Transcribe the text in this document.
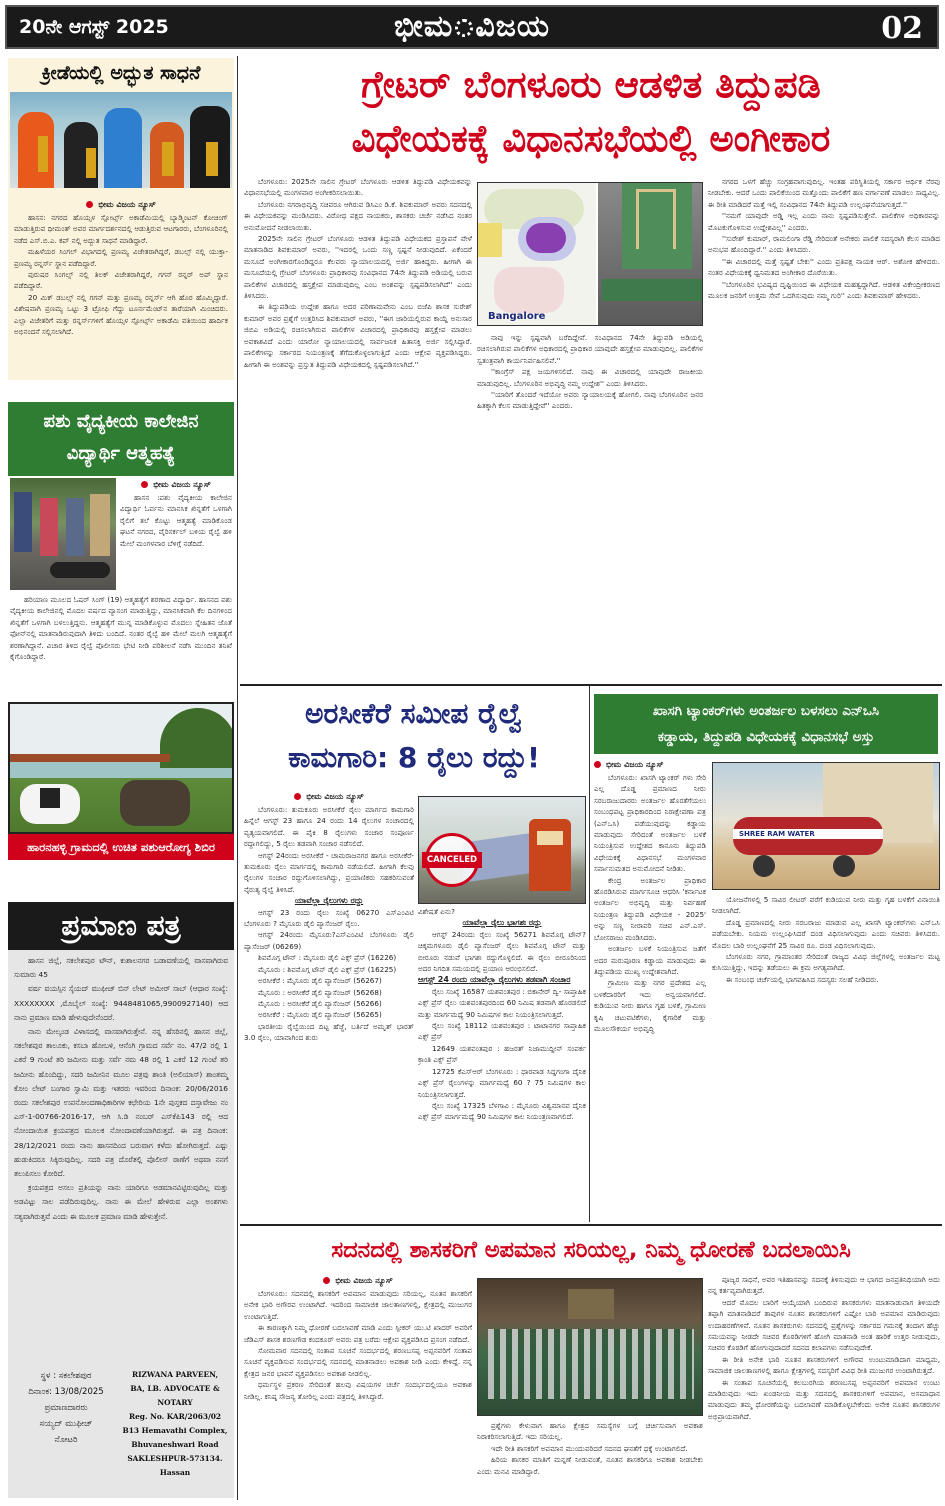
20ನೇ ಆಗಸ್ಟ್ 2025	ಭೀಮ ವಿಜಯ	02
ಕ್ರೀಡೆಯಲ್ಲಿ ಅದ್ಭುತ ಸಾಧನೆ
ಭೀಮ ವಿಜಯ ನ್ಯೂಸ್

ಹಾಸನ: ನಗರದ ಹೊಯ್ಸಳ ಸ್ಪೋರ್ಟ್ಸ್ ಅಕಾಡೆಮಿಯಲ್ಲಿ ಬ್ಯಾಡ್ಮಿಂಟನ್ ಕೋಚಿಂಗ್ ಮಾಡುತ್ತಿರುವ ಧೀಮಂತ್ ಅವರ ಮಾರ್ಗದರ್ಶನದಲ್ಲಿ ಆಡುತ್ತಿರುವ ಆಟಗಾರರು, ಬೆಂಗಳೂರಿನಲ್ಲಿ ನಡೆದ ಎಸ್.ಬಿ.ಎ. ಕಪ್ ನಲ್ಲಿ ಅದ್ಭುತ ಸಾಧನೆ ಮಾಡಿದ್ದಾರೆ.

ಮಹಿಳೆಯರ ಸಿಂಗಲ್ ವಿಭಾಗದಲ್ಲಿ ಪ್ರಣಮ್ಯ ವಿಜೇತರಾಗಿದ್ದರೆ, ಡಬಲ್ಸ್ ನಲ್ಲಿ ಯುಕ್ತಾ-ಪ್ರಣಮ್ಯ ರನ್ನರ್ಸ್ ಸ್ಥಾನ ಪಡೆದಿದ್ದಾರೆ.

ಪುರುಷರ ಸಿಂಗಲ್ಸ್ ನಲ್ಲಿ ತಿಲಕ್ ವಿಜೇತರಾಗಿದ್ದರೆ, ಗಗನ್ ರನ್ನರ್ ಅಪ್ ಸ್ಥಾನ ಪಡೆದಿದ್ದಾರೆ.

20 ಮಿಕ್ ಡಬಲ್ಸ್ ನಲ್ಲಿ ಗಗನ್ ಮತ್ತು ಪ್ರಣಮ್ಯ ರನ್ನರ್ಸ್ ಆಗಿ ಹೊರ ಹೊಮ್ಮಿದ್ದಾರೆ. ವಿಶೇಷವಾಗಿ ಪ್ರಣಮ್ಯ ಒಟ್ಟು 3 ಟ್ರೋಫಿ ಗೆದ್ದು ಟೂರ್ನಮೆಂಟ್‌ನ ತಾರೆಯಾಗಿ ಮಿಂಚಿದರು. ಎಲ್ಲಾ ವಿಜೇತರಿಗೆ ಮತ್ತು ರನ್ನರ್ಸ್‌ಗಳಿಗೆ ಹೊಯ್ಸಳ ಸ್ಪೋರ್ಟ್ಸ್ ಅಕಾಡೆಮಿ ವತಿಯಿಂದ ಹಾರ್ದಿಕ ಅಭಿನಂದನೆ ಸಲ್ಲಿಸಲಾಗಿದೆ.

ಪಶು ವೈದ್ಯಕೀಯ ಕಾಲೇಜಿನ
ವಿದ್ಯಾರ್ಥಿ ಆತ್ಮಹತ್ಯೆ
ಭೀಮ ವಿಜಯ ನ್ಯೂಸ್

ಹಾಸನ :ಪಶು ವೈದ್ಯಕೀಯ ಕಾಲೇಜಿನ ವಿದ್ಯಾರ್ಥಿ ಓರ್ವನು ಮಾನಸಿಕ ಖಿನ್ನತೆಗೆ ಒಳಗಾಗಿ ರೈಲಿಗೆ ತಲೆ ಕೊಟ್ಟು ಆತ್ಮಹತ್ಯೆ ಮಾಡಿಕೊಂಡ ಘಟನೆ ನಗರದ, ವೈರಿಸರ್ಕಲ್ ಬಳಿಯ ರೈಲ್ವೆ ಹಳಿ ಮೇಲೆ ಮಂಗಳವಾರ ಬೆಳಿಗ್ಗೆ ನಡೆದಿದೆ.

ಹರಿಯಾಣ ಮೂಲದ ಓಷರ್ ಸಿಂಗ್ (19) ಆತ್ಮಹತ್ಯೆಗೆ ಶರಣಾದ ವಿದ್ಯಾರ್ಥಿ. ಹಾಸನದ ಪಶು ವೈದ್ಯಕೀಯ ಕಾಲೇಜಿನಲ್ಲಿ ಮೊದಲ ವರ್ಷದ ವ್ಯಾಸಂಗ ಮಾಡುತ್ತಿದ್ದು, ಮಾನಸಿಕವಾಗಿ ಕೆಲ ದಿನಗಳಿಂದ ಖಿನ್ನತೆಗೆ ಒಳಗಾಗಿ ಬಳಲುತ್ತಿದ್ದನು. ಆತ್ಮಹತ್ಯೆಗೆ ಮುನ್ನ ಮಾಡಿಕೊಳ್ಳುವ ಮೊದಲು ಸ್ನೇಹಿತನ ಜೊತೆ ಫೋನ್‌ನಲ್ಲಿ ಮಾತನಾಡಿರುವುದಾಗಿ ತಿಳಿದು ಬಂದಿದೆ. ನಂತರ ರೈಲ್ವೆ ಹಳಿ ಮೇಲೆ ಮಲಗಿ ಆತ್ಮಹತ್ಯೆಗೆ ಶರಣಾಗಿದ್ದಾನೆ. ವಿಚಾರ ತಿಳಿದ ರೈಲ್ವೆ ಪೊಲೀಸರು ಭೇಟಿ ನೀಡಿ ಪರಿಶೀಲನೆ ನಡೆಸಿ ಮುಂದಿನ ತನಿಖೆ ಕೈಗೊಂಡಿದ್ದಾರೆ.

ಹಾರನಹಳ್ಳಿ ಗ್ರಾಮದಲ್ಲಿ ಉಚಿತ ಪಶುಆರೋಗ್ಯ ಶಿಬಿರ
ಪ್ರಮಾಣ ಪತ್ರ

ಹಾಸನ ಜಿಲ್ಲೆ, ಸಕಲೇಶಪುರ ಟೌನ್, ಕುಶಾಲನಗರ ಬಡಾವಣೆಯಲ್ಲಿ ವಾಸವಾಗಿರುವ ಸುಮಾರು 45

ವರ್ಷ ವಯಸ್ಸಿನ ಸೈಯದ್ ಮುಫೀಜ್ ಬಿನ್ ಲೇಟ್ ಅಮೀರ್ ಸಾಬ್ (ಆಧಾರ ಸಂಖ್ಯೆ: XXXXXXXX ,ಮೊಬೈಲ್ ಸಂಖ್ಯೆ: 9448481065,9900927140) ಆದ ನಾನು ಪ್ರಮಾಣ ಮಾಡಿ ಹೇಳುವುದೇನೆಂದರೆ.

ನಾನು ಮೇಲ್ಕಂಡ ವಿಳಾಸದಲ್ಲಿ ವಾಸವಾಗಿರುತ್ತೇನೆ. ನನ್ನ ಹೆಸರಿನಲ್ಲಿ ಹಾಸನ ಜಿಲ್ಲೆ, ಸಕಲೇಶಪುರ ತಾಲೂಕು, ಕಸಬಾ ಹೋಬಳಿ, ಆನೆಂಗಿ ಗ್ರಾಮದ ಸರ್ವೆ ನಂ. 47/2 ರಲ್ಲಿ 1 ಎಕರೆ 9 ಗುಂಟೆ ತರಿ ಜಮೀನು ಮತ್ತು ಸರ್ವೆ ನಮ 48 ರಲ್ಲಿ 1 ಎಕರೆ 12 ಗುಂಟೆ ತರಿ ಜಮೀನು ಹೊಂದಿದ್ದು, ಸದರಿ ಜಮೀನಿನ ಮೂಲ ಪತ್ರವು ಶಾಂತಿ (ಅಲಿಯಾಸ್) ಶಾಂತಮ್ಮ ಕೋಂ ಲೇಟ್ ಬಂಗಾರ ಸ್ವಾಮಿ ಮತ್ತು ಇತರರು ಇವರಿಂದ ದಿನಾಂಕ: 20/06/2016 ರಂದು ಸಕಲೇಶಪುರ ಉಪನೋಂದಣಾಧಿಕಾರಿಗಳ ಕಛೇರಿಯ 1ನೇ ಪುಸ್ತಕದ ದಸ್ತಾವೇಜು ನಂ ಎಸ್-1-00766-2016-17, ಆಗಿ ಸಿ.ಡಿ ನಂಬರ್ ಎಸ್‌ಕೆಪಿ143 ರಲ್ಲಿ ಆದ ನೋಂದಾಯಿತ ಕ್ರಯಪತ್ರದ ಮೂಲಕ ನೋಂದಾವಣೆಯಾಗಿರುತ್ತದೆ. ಈ ಪತ್ರ ದಿನಾಂಕ: 28/12/2021 ರಂದು ನಾನು ಹಾಸನದಿಂದ ಬರುವಾಗ ಕಳೆದು ಹೋಗಿರುತ್ತದೆ. ಎಷ್ಟು ಹುಡುಕಿದರೂ ಸಿಕ್ಕಿರುವುದಿಲ್ಲ. ಸದರಿ ಪತ್ರ ದೊರೆತಲ್ಲಿ ಪೊಲೀಸ್ ಠಾಣೆಗೆ ಅಥವಾ ನನಗೆ ತಲುಪಿಸಲು ಕೋರಿದೆ.

ಕ್ರಯಪತ್ರದ ಅಸಲು ಪ್ರತಿಯನ್ನು ನಾನು ಯಾರಿಗೂ ಅಡಮಾನವಿಟ್ಟಿರುವುದಿಲ್ಲ ಮತ್ತು ಅಡವಿಟ್ಟು ಸಾಲ ಪಡೆದಿರುವುದಿಲ್ಲ. ನಾನು ಈ ಮೇಲೆ ಹೇಳಿರುವ ಎಲ್ಲಾ ಅಂಶಗಳು ಸತ್ಯವಾಗಿರುತ್ತವೆ ಎಂದು ಈ ಮೂಲಕ ಪ್ರಮಾಣ ಮಾಡಿ ಹೇಳುತ್ತೇನೆ.

ಸ್ಥಳ : ಸಕಲೇಶಪುರ
ದಿನಾಂಕ: 13/08/2025
ಪ್ರಮಾಣದಾರರು
ಸಯ್ಯದ್ ಮುಫೀಜ್
ನೋಟರಿ
RIZWANA PARVEEN,
BA, LB. ADVOCATE &
NOTARY
Reg. No. KAR/2063/02
B13 Hemavathi Complex,
Bhuvaneshwari Road
SAKLESHPUR-573134.
Hassan
ಗ್ರೇಟರ್ ಬೆಂಗಳೂರು ಆಡಳಿತ ತಿದ್ದುಪಡಿ
ವಿಧೇಯಕಕ್ಕೆ ವಿಧಾನಸಭೆಯಲ್ಲಿ ಅಂಗೀಕಾರ

ಬೆಂಗಳೂರು: 2025ನೇ ಸಾಲಿನ ಗ್ರೇಟರ್ ಬೆಂಗಳೂರು ಆಡಳಿತ ತಿದ್ದುಪಡಿ ವಿಧೇಯಕವನ್ನು ವಿಧಾನಸಭೆಯಲ್ಲಿ ಮಂಗಳವಾರ ಅಂಗೀಕರಿಸಲಾಯಿತು.

ಬೆಂಗಳೂರು ನಗರಾಭಿವೃದ್ಧಿ ಸಚಿವರೂ ಆಗಿರುವ ಡಿಸಿಎಂ ಡಿ.ಕೆ. ಶಿವಕುಮಾರ್ ಅವರು ಸದನದಲ್ಲಿ ಈ ವಿಧೇಯಕವನ್ನು ಮಂಡಿಸಿದರು. ವಿರೋಧ ಪಕ್ಷದ ನಾಯಕರು, ಶಾಸಕರು ಚರ್ಚೆ ನಡೆಸಿದ ನಂತರ ಅನುಮೋದನೆ ನೀಡಲಾಯಿತು.

2025ನೇ ಸಾಲಿನ ಗ್ರೇಟರ್ ಬೆಂಗಳೂರು ಆಡಳಿತ ತಿದ್ದುಪಡಿ ವಿಧೇಯಕದ ಪ್ರಸ್ತಾಪನೆ ವೇಳೆ ಮಾತನಾಡಿದ ಶಿವಕುಮಾರ್ ಅವರು, ''ಇದರಲ್ಲಿ ಒಂದು ಸಣ್ಣ ಸ್ಪಷ್ಟನೆ ನೀಡುವುದಿದೆ. ಏಕೆಂದರೆ ಮಸೂದೆ ಅಂಗೀಕಾರಗೊಂಡಿದ್ದರೂ ಕೆಲವರು ನ್ಯಾಯಾಲಯದಲ್ಲಿ ಅರ್ಜಿ ಹಾಕಿದ್ದರು. ಹೀಗಾಗಿ ಈ ಮಸೂದೆಯಲ್ಲಿ ಗ್ರೇಟರ್ ಬೆಂಗಳೂರು ಪ್ರಾಧಿಕಾರವು ಸಂವಿಧಾನದ 74ನೇ ತಿದ್ದುಪಡಿ ಅಡಿಯಲ್ಲಿ ಬರುವ ಪಾಲಿಕೆಗಳ ವಿಚಾರದಲ್ಲಿ ಹಸ್ತಕ್ಷೇಪ ಮಾಡುವುದಿಲ್ಲ ಎಂಬ ಅಂಶವನ್ನು ಸ್ಪಷ್ಟಪಡಿಸಲಾಗಿದೆ'' ಎಂದು ತಿಳಿಸಿದರು.

ಈ ತಿದ್ದುಪಡಿಯ ಉದ್ದೇಶ ಹಾಗೂ ಅದರ ಪರಿಣಾಮವೇನು ಎಂಬ ಬಿಜೆಪಿ ಶಾಸಕ ಸುರೇಶ್ ಕುಮಾರ್ ಅವರ ಪ್ರಶ್ನೆಗೆ ಉತ್ತರಿಸಿದ ಶಿವಕುಮಾರ್ ಅವರು, ''ಈಗ ಜಾರಿಯಲ್ಲಿರುವ ಕಾಯ್ದೆ ಅನುಸಾರ ಜಿಬಿಎ ಅಡಿಯಲ್ಲಿ ರಚಿಸಲಾಗಿರುವ ಪಾಲಿಕೆಗಳ ವಿಚಾರದಲ್ಲಿ ಪ್ರಾಧಿಕಾರವು ಹಸ್ತಕ್ಷೇಪ ಮಾಡಲು ಅವಕಾಶವಿದೆ ಎಂದು ಯಾರೋ ನ್ಯಾಯಾಲಯದಲ್ಲಿ ಸಾರ್ವಜನಿಕ ಹಿತಾಸಕ್ತಿ ಅರ್ಜಿ ಸಲ್ಲಿಸಿದ್ದಾರೆ. ಪಾಲಿಕೆಗಳನ್ನು ಸರ್ಕಾರದ ನಿಯಂತ್ರಣಕ್ಕೆ ತೆಗೆದುಕೊಳ್ಳಲಾಗುತ್ತಿದೆ ಎಂದು ಆಕ್ಷೇಪ ವ್ಯಕ್ತಪಡಿಸಿದ್ದರು. ಹೀಗಾಗಿ ಈ ಅಂಶವನ್ನು ಪ್ರಸ್ತುತ ತಿದ್ದುಪಡಿ ವಿಧೇಯಕದಲ್ಲಿ ಸ್ಪಷ್ಟಪಡಿಸಲಾಗಿದೆ.''

Bangalore

ನಾವು ಇನ್ನು ಸ್ಪಷ್ಟವಾಗಿ ಬರೆದಿದ್ದೇವೆ. ಸಂವಿಧಾನದ 74ನೇ ತಿದ್ದುಪಡಿ ಅಡಿಯಲ್ಲಿ ರಚಿಸಲಾಗಿರುವ ಪಾಲಿಕೆಗಳ ಅಧಿಕಾರದಲ್ಲಿ ಪ್ರಾಧಿಕಾರ ಯಾವುದೇ ಹಸ್ತಕ್ಷೇಪ ಮಾಡುವುದಿಲ್ಲ. ಪಾಲಿಕೆಗಳ ಸ್ವತಂತ್ರವಾಗಿ ಕಾರ್ಯನಿರ್ವಹಿಸಲಿವೆ.''

''ಕಾಂಗ್ರೆಸ್ ಪಕ್ಷ ಜಯಗಳಿಸಲಿದೆ. ನಾವು ಈ ವಿಚಾರದಲ್ಲಿ ಯಾವುದೇ ರಾಜಕೀಯ ಮಾಡುವುದಿಲ್ಲ. ಬೆಂಗಳೂರಿನ ಅಭಿವೃದ್ಧಿ ನಮ್ಮ ಉದ್ದೇಶ'' ಎಂದು ತಿಳಿಸಿದರು.

''ಯಾರಿಗೆ ತೊಂದರೆ ಇದೆಯೋ ಅವರು ನ್ಯಾಯಾಲಯಕ್ಕೆ ಹೋಗಲಿ. ನಾವು ಬೆಂಗಳೂರಿನ ಜನರ ಹಿತಕ್ಕಾಗಿ ಕೆಲಸ ಮಾಡುತ್ತಿದ್ದೇವೆ'' ಎಂದರು.

ನಗರದ ಒಳಗೆ ಹೆಚ್ಚು ಸಂಗ್ರಹವಾಗುವುದಿಲ್ಲ. ಇಂತಹ ಪರಿಸ್ಥಿತಿಯಲ್ಲಿ ಸರ್ಕಾರ ಆರ್ಥಿಕ ನೆರವು ನೀಡಬೇಕು. ಆದರೆ ಒಂದು ಪಾಲಿಕೆಯಿಂದ ಮತ್ತೊಂದು ಪಾಲಿಕೆಗೆ ಹಣ ವರ್ಗಾವಣೆ ಮಾಡಲು ಸಾಧ್ಯವಿಲ್ಲ. ಈ ರೀತಿ ಮಾಡಿದರೆ ಮತ್ತೆ ಇಲ್ಲಿ ಸಂವಿಧಾನದ 74ನೇ ತಿದ್ದುಪಡಿ ಉಲ್ಲಂಘನೆಯಾಗುತ್ತದೆ.''

''ನಮಗೆ ಯಾವುದೇ ಅಡ್ಡಿ ಇಲ್ಲ ಎಂದು ನಾನು ಸ್ಪಷ್ಟಪಡಿಸುತ್ತೇನೆ. ಪಾಲಿಕೆಗಳ ಅಧಿಕಾರವನ್ನು ಮೊಟಕುಗೊಳಿಸುವ ಉದ್ದೇಶವಿಲ್ಲ'' ಎಂದರು.

''ಸುರೇಶ್ ಕುಮಾರ್, ರಾಮಲಿಂಗಾ ರೆಡ್ಡಿ ಸೇರಿದಂತೆ ಅನೇಕರು ಪಾಲಿಕೆ ಸದಸ್ಯರಾಗಿ ಕೆಲಸ ಮಾಡಿದ ಅನುಭವ ಹೊಂದಿದ್ದಾರೆ.'' ಎಂದು ತಿಳಿಸಿದರು.

''ಈ ವಿಚಾರದಲ್ಲಿ ಮತ್ತೆ ಸ್ಪಷ್ಟತೆ ಬೇಕು'' ಎಂದು ಪ್ರತಿಪಕ್ಷ ನಾಯಕ ಆರ್. ಅಶೋಕ ಹೇಳಿದರು. ನಂತರ ವಿಧೇಯಕಕ್ಕೆ ಧ್ವನಿಮತದ ಅಂಗೀಕಾರ ದೊರೆಯಿತು.

''ಬೆಂಗಳೂರಿನ ಭವಿಷ್ಯದ ದೃಷ್ಟಿಯಿಂದ ಈ ವಿಧೇಯಕ ಮಹತ್ವದ್ದಾಗಿದೆ. ಆಡಳಿತ ವಿಕೇಂದ್ರೀಕರಣದ ಮೂಲಕ ಜನರಿಗೆ ಉತ್ತಮ ಸೇವೆ ಒದಗಿಸುವುದು ನಮ್ಮ ಗುರಿ'' ಎಂದು ಶಿವಕುಮಾರ್ ಹೇಳಿದರು.

ಅರಸೀಕೆರೆ ಸಮೀಪ ರೈಲ್ವೆ
ಕಾಮಗಾರಿ: 8 ರೈಲು ರದ್ದು!
ಭೀಮ ವಿಜಯ ನ್ಯೂಸ್

ಬೆಂಗಳೂರು: ತುಮಕೂರು ಅರಸೀಕೆರೆ ರೈಲು ಮಾರ್ಗದ ಕಾಮಗಾರಿ ಹಿನ್ನೆಲೆ ಆಗಸ್ಟ್ 23 ಹಾಗೂ 24 ರಂದು 14 ರೈಲುಗಳ ಸಂಚಾರದಲ್ಲಿ ವ್ಯತ್ಯಯವಾಗಲಿದೆ. ಈ ಪೈಕಿ 8 ರೈಲುಗಳು ಸಂಚಾರ ಸಂಪೂರ್ಣ ರದ್ದಾಗಲಿದ್ದು, 5 ರೈಲು ತಡವಾಗಿ ಸಂಚಾರ ನಡೆಸಲಿದೆ.

ಆಗಸ್ಟ್ 24ರಂದು ಅರಸೀಕೆರೆ - ಚಾಮರಾಜನಗರ ಹಾಗೂ ಅರಸೀಕೆರೆ-ತುಮಕೂರು ರೈಲು ಮಾರ್ಗದಲ್ಲಿ ಕಾಮಗಾರಿ ನಡೆಯಲಿದೆ. ಹೀಗಾಗಿ ಕೆಲವು ರೈಲುಗಳ ಸಂಚಾರ ರದ್ದುಗೊಳಿಸಲಾಗಿದ್ದು, ಪ್ರಯಾಣಿಕರು ಸಹಕರಿಸುವಂತೆ ನೈರುತ್ಯ ರೈಲ್ವೆ ತಿಳಿಸಿದೆ.

ಯಾವೆಲ್ಲಾ ರೈಲುಗಳು ರದ್ದು

ಆಗಸ್ಟ್ 23 ರಂದು ರೈಲು ಸಂಖ್ಯೆ 06270 ಎಸ್‌ಎಂವಿಟಿ ಬೆಂಗಳೂರು ? ಮೈಸೂರು ಡೈಲಿ ಪ್ಯಾಸೆಂಜರ್ ರೈಲು.

ಆಗಸ್ಟ್ 24ರಂದು ಮೈಸೂರು?ಎಸ್‌ಎಂವಿಟಿ ಬೆಂಗಳೂರು ಡೈಲಿ ಪ್ಯಾಸೆಂಜರ್ (06269)

ಶಿವಮೊಗ್ಗ ಟೌನ್ : ಮೈಸೂರು ಡೈಲಿ ಎಕ್ಸ್ ಪ್ರೆಸ್ (16226)

ಮೈಸೂರು : ಶಿವಮೊಗ್ಗ ಟೌನ್ ಡೈಲಿ ಎಕ್ಸ್ ಪ್ರೆಸ್ (16225)

ಅರಸೀಕೆರೆ : ಮೈಸೂರು ಡೈಲಿ ಪ್ಯಾಸೆಂಜರ್ (56267)

ಮೈಸೂರು : ಅರಸೀಕೆರೆ ಡೈಲಿ ಪ್ಯಾಸೆಂಜರ್ (56268)

ಮೈಸೂರು : ಅರಸೀಕೆರೆ ಡೈಲಿ ಪ್ಯಾಸೆಂಜರ್ (56266)

ಅರಸೀಕೆರೆ : ಮೈಸೂರು ಡೈಲಿ ಪ್ಯಾಸೆಂಜರ್ (56265)

ಭಾರತೀಯ ರೈಲ್ವೆಯಿಂದ ದಿಟ್ಟ ಹೆಜ್ಜೆ, ಬರ್ತಿದೆ ಅಮೃತ್ ಭಾರತ್ 3.0 ರೈಲು, ಯಾವಾಗಿಂದ ಶುರು

CANCELED
ವಿಶೇಷತೆ ಏನು?
ಯಾವೆಲ್ಲಾ ರೈಲು ಭಾಗಶಃ ರದ್ದು

ಆಗಸ್ಟ್ 24ರಂದು ರೈಲು ಸಂಖ್ಯೆ 56271 ಶಿವಮೊಗ್ಗ ಟೌನ್?ಚಿಕ್ಕಮಗಳೂರು ಡೈಲಿ ಪ್ಯಾಸೆಂಜರ್ ರೈಲು ಶಿವಮೊಗ್ಗ ಟೌನ್ ಮತ್ತು ಬೀರೂರು ನಡುವೆ ಭಾಗಶಃ ರದ್ದುಗೊಳ್ಳಲಿದೆ. ಈ ರೈಲು ಬೀರೂರಿನಿಂದ ಅದರ ನಿಗದಿತ ಸಮಯದಲ್ಲಿ ಪ್ರಯಾಣ ಆರಂಭಿಸಲಿದೆ.

ಆಗಸ್ಟ್ 24 ರಂದು ಯಾವೆಲ್ಲಾ ರೈಲುಗಳು ತಡವಾಗಿ ಸಂಚಾರ

ರೈಲು ಸಂಖ್ಯೆ 16587 ಯಶವಂತಪುರ : ಬಿಕಾನೇರ್ ದ್ವಿ- ಸಾಪ್ತಾಹಿಕ ಎಕ್ಸ್ ಪ್ರೆಸ್ ರೈಲು ಯಶವಂತಪುರದಿಂದ 60 ನಿಮಿಷ ತಡವಾಗಿ ಹೊರಡಲಿದೆ ಮತ್ತು ಮಾರ್ಗಮಧ್ಯೆ 90 ನಿಮಿಷಗಳ ಕಾಲ ನಿಯಂತ್ರಿಸಲಾಗುತ್ತದೆ.

ರೈಲು ಸಂಖ್ಯೆ 18112 ಯಶವಂತಪುರ : ಟಾಟಾನಗರ ಸಾಪ್ತಾಹಿಕ ಎಕ್ಸ್ ಪ್ರೆಸ್

12649 ಯಶವಂತಪುರ : ಹಜರತ್ ನಿಜಾಮುದ್ದೀನ್ ಸಂಪರ್ಕ ಕ್ರಾಂತಿ ಎಕ್ಸ್ ಪ್ರೆಸ್

12725 ಕೆಎಸ್‌ಆರ್ ಬೆಂಗಳೂರು : ಧಾರವಾಡ ಸಿದ್ದಗಂಗಾ ದೈನಿಕ ಎಕ್ಸ್ ಪ್ರೆಸ್ ರೈಲುಗಳನ್ನು ಮಾರ್ಗಮಧ್ಯೆ 60 ? 75 ನಿಮಿಷಗಳ ಕಾಲ ನಿಯಂತ್ರಿಸಲಾಗುತ್ತದೆ.

ರೈಲು ಸಂಖ್ಯೆ 17325 ಬೆಳಗಾವಿ : ಮೈಸೂರು ವಿಶ್ವಮಾನವ ದೈನಿಕ ಎಕ್ಸ್ ಪ್ರೆಸ್ ಮಾರ್ಗಮಧ್ಯೆ 90 ನಿಮಿಷಗಳ ಕಾಲ ನಿಯಂತ್ರಣವಾಗಲಿದೆ.

ಖಾಸಗಿ ಟ್ಯಾಂಕರ್‌ಗಳು ಅಂತರ್ಜಲ ಬಳಸಲು ಎನ್‌ಒಸಿ
ಕಡ್ಡಾಯ, ತಿದ್ದುಪಡಿ ವಿಧೇಯಕಕ್ಕೆ ವಿಧಾನಸಭೆ ಅಸ್ತು
ಭೀಮ ವಿಜಯ ನ್ಯೂಸ್

ಬೆಂಗಳೂರು: ಖಾಸಗಿ ಟ್ಯಾಂಕರ್ ಗಳು ಸೇರಿ ಎಲ್ಲ ದೊಡ್ಡ ಪ್ರಮಾಣದ ನೀರು ಸರಬರಾಜುದಾರರು ಅಂತರ್ಜಲ ಹೊರತೆಗೆಯಲು ಸಂಬಂಧಪಟ್ಟ ಪ್ರಾಧಿಕಾರದಿಂದ ನಿರಾಕ್ಷೇಪಣಾ ಪತ್ರ (ಎನ್‌ಒಸಿ) ಪಡೆಯುವುದನ್ನು ಕಡ್ಡಾಯ ಮಾಡುವುದು ಸೇರಿದಂತೆ ಅಂತರ್ಜಲ ಬಳಕೆ ನಿಯಂತ್ರಿಸುವ ಉದ್ದೇಶದ ಕಾನೂನು ತಿದ್ದುಪಡಿ ವಿಧೇಯಕಕ್ಕೆ ವಿಧಾನಸಭೆ ಮಂಗಳವಾರ ಸರ್ವಾನುಮತದ ಅನುಮೋದನೆ ನೀಡಿತು.

ಕೇಂದ್ರ ಅಂತರ್ಜಲ ಪ್ರಾಧಿಕಾರ ಹೊರಡಿಸಿರುವ ಮಾರ್ಗಸೂಚಿ ಆಧರಿಸಿ 'ಕರ್ನಾಟಕ ಅಂತರ್ಜಲ ಅಭಿವೃದ್ಧಿ ಮತ್ತು ನಿರ್ವಹಣೆ ನಿಯಂತ್ರಣ ತಿದ್ದುಪಡಿ ವಿಧೇಯಕ - 2025' ಅನ್ನು ಸಣ್ಣ ನೀರಾವರಿ ಸಚಿವ ಎನ್.ಎಸ್. ಬೋಸರಾಜು ಮಂಡಿಸಿದರು.

ಅಂತರ್ಜಲ ಬಳಕೆ ನಿಯಂತ್ರಿಸುವ ಜತೆಗೆ ಅದರ ಮರುಪೂರಣ ಕಡ್ಡಾಯ ಮಾಡುವುದು ಈ ತಿದ್ದುಪಡಿಯ ಮುಖ್ಯ ಉದ್ದೇಶವಾಗಿದೆ.

ಗ್ರಾಮೀಣ ಮತ್ತು ನಗರ ಪ್ರದೇಶದ ಎಲ್ಲ ಬಳಕೆದಾರರಿಗೆ ಇದು ಅನ್ವಯವಾಗಲಿದೆ. ಕುಡಿಯುವ ನೀರು ಹಾಗೂ ಗೃಹ ಬಳಕೆ, ಗ್ರಾಮೀಣ ಕೃಷಿ ಚಟುವಟಿಕೆಗಳು, ಕೈಗಾರಿಕೆ ಮತ್ತು ಮೂಲಸೌಕರ್ಯ ಅಭಿವೃದ್ಧಿ

SHREE RAM WATER

ಯೋಜನೆಗಳಲ್ಲಿ 5 ಸಾವಿರ ಲೀಟರ್ ವರೆಗೆ ಕುಡಿಯುವ ನೀರು ಮತ್ತು ಗೃಹ ಬಳಕೆಗೆ ವಿನಾಯಿತಿ ನೀಡಲಾಗಿದೆ.

ದೊಡ್ಡ ಪ್ರಮಾಣದಲ್ಲಿ ನೀರು ಸರಬರಾಜು ಮಾಡುವ ಎಲ್ಲ ಖಾಸಗಿ ಟ್ಯಾಂಕರ್‌ಗಳು ಎನ್‌ಒಸಿ ಪಡೆಯಬೇಕು. ನಿಯಮ ಉಲ್ಲಂಘಿಸಿದರೆ ದಂಡ ವಿಧಿಸಲಾಗುವುದು ಎಂದು ಸಚಿವರು ತಿಳಿಸಿದರು. ಮೊದಲ ಬಾರಿ ಉಲ್ಲಂಘನೆಗೆ 25 ಸಾವಿರ ರೂ. ದಂಡ ವಿಧಿಸಲಾಗುವುದು.

ಬೆಂಗಳೂರು ನಗರ, ಗ್ರಾಮಾಂತರ ಸೇರಿದಂತೆ ರಾಜ್ಯದ ವಿವಿಧ ಜಿಲ್ಲೆಗಳಲ್ಲಿ ಅಂತರ್ಜಲ ಮಟ್ಟ ಕುಸಿಯುತ್ತಿದ್ದು, ಇದನ್ನು ತಡೆಯಲು ಈ ಕ್ರಮ ಅಗತ್ಯವಾಗಿದೆ.

ಈ ಸಂಬಂಧ ಚರ್ಚೆಯಲ್ಲಿ ಭಾಗವಹಿಸಿದ ಸದಸ್ಯರು ಸಲಹೆ ನೀಡಿದರು.

ಸದನದಲ್ಲಿ ಶಾಸಕರಿಗೆ ಅಪಮಾನ ಸರಿಯಲ್ಲ, ನಿಮ್ಮ ಧೋರಣೆ ಬದಲಾಯಿಸಿ
ಭೀಮ ವಿಜಯ ನ್ಯೂಸ್

ಬೆಂಗಳೂರು: ಸದನದಲ್ಲಿ ಶಾಸಕರಿಗೆ ಅಪಮಾನ ಮಾಡುವುದು ಸರಿಯಲ್ಲ, ನೂತನ ಶಾಸಕರಿಗೆ ಅನೇಕ ಭಾರಿ ಅಗೌರವ ಉಂಟಾಗಿದೆ. ಇದರಿಂದ ಸಾಮಾಜಿಕ ಜಾಲತಾಣಗಳಲ್ಲಿ, ಕ್ಷೇತ್ರದಲ್ಲಿ ಮುಜುಗರ ಉಂಟಾಗುತ್ತಿದೆ.

ಈ ಕಾರಣಕ್ಕಾಗಿ ನಿಮ್ಮ ಧೋರಣೆ ಬದಲಾವಣೆ ಮಾಡಿ ಎಂದು ಸ್ಪೀಕರ್ ಯು.ಟಿ ಖಾದರ್ ಅವರಿಗೆ ಜೆಡಿಎಸ್ ಶಾಸಕ ಶರಣಗೌಡ ಕಂದಕೂರ್ ಅವರು ಪತ್ರ ಬರೆದು ಆಕ್ಷೇಪ ವ್ಯಕ್ತಪಡಿಸಿದ ಪ್ರಸಂಗ ನಡೆದಿದೆ.

ಸೋಮವಾರ ಸದನದಲ್ಲಿ ಸಂತಾಪ ಸೂಚನೆ ಸಂದರ್ಭದಲ್ಲಿ ಶರಣಬಸಪ್ಪ ಅಪ್ಪನವರಿಗೆ ಸಂತಾಪ ಸೂಚನೆ ವ್ಯಕ್ತಪಡಿಸುವ ಸಂದರ್ಭದಲ್ಲಿ ಸದನದಲ್ಲಿ ಮಾತನಾಡಲು ಅವಕಾಶ ನೀಡಿ ಎಂದು ಕೇಳಿದ್ದೆ. ನನ್ನ ಕ್ಷೇತ್ರದ ಜನರ ಭಾವನೆ ವ್ಯಕ್ತಪಡಿಸಲು ಅವಕಾಶ ನೀಡಲಿಲ್ಲ.

ಧರ್ಮಸ್ಥಳ ಪ್ರಕರಣ ಸೇರಿದಂತೆ ಹಲವು ವಿಷಯಗಳ ಚರ್ಚೆ ಸಂದರ್ಭದಲ್ಲಿಯೂ ಅವಕಾಶ ನೀಡಿಲ್ಲ. ಕನಿಷ್ಠ ಸೌಜನ್ಯ ತೋರಿಲ್ಲ ಎಂದು ಪತ್ರದಲ್ಲಿ ತಿಳಿಸಿದ್ದಾರೆ.

ಪ್ರಶ್ನೆಗಳು ಕೇಳುವಾಗ ಹಾಗೂ ಕ್ಷೇತ್ರದ ಸಮಸ್ಯೆಗಳ ಬಗ್ಗೆ ಚರ್ಚಿಸುವಾಗ ಅವಕಾಶ ನಿರಾಕರಿಸಲಾಗುತ್ತಿದೆ. ಇದು ಸರಿಯಲ್ಲ.

ಇದೇ ರೀತಿ ಶಾಸಕರಿಗೆ ಅವಮಾನ ಮುಂದುವರಿದರೆ ಸದನದ ಘನತೆಗೆ ಧಕ್ಕೆ ಉಂಟಾಗಲಿದೆ.

ಹಿರಿಯ ಶಾಸಕರ ಮಾತಿಗೆ ಮನ್ನಣೆ ನೀಡುವಂತೆ, ನೂತನ ಶಾಸಕರಿಗೂ ಅವಕಾಶ ನೀಡಬೇಕು ಎಂದು ಮನವಿ ಮಾಡಿದ್ದಾರೆ.

ಪೂಜ್ಯರ ಸಾಧನೆ, ಅವರ ಇತಿಹಾಸವನ್ನು ಸದನಕ್ಕೆ ತಿಳಿಸುವುದು ಆ ಭಾಗದ ಜನಪ್ರತಿನಿಧಿಯಾಗಿ ಅದು ನನ್ನ ಕರ್ತವ್ಯವಾಗಿರುತ್ತದೆ.

ಆದರೆ ಮೊದಲ ಬಾರಿಗೆ ಆಯ್ಕೆಯಾಗಿ ಬಂದಿರುವ ಶಾಸಕರುಗಳು ಮಾತನಾಡುವಾಗ ತಿಳಿಯದೇ ತಪ್ಪಾಗಿ ಮಾತನಾಡಿದರೆ ತಾವುಗಳ ನೂತನ ಶಾಸಕರುಗಳಿಗೆ ಎಷ್ಟೋ ಬಾರಿ ಅಪಮಾನ ಮಾಡಿರುವುದು ಉದಾಹರಣೆಗಳಿವೆ. ನೂತನ ಶಾಸಕರುಗಳು ಸದನದಲ್ಲಿ ಪ್ರಶ್ನೆಗಳನ್ನು ಸರ್ಕಾರದ ಗಮನಕ್ಕೆ ತಂದಾಗ ಹೆಚ್ಚು ಸಮಯವನ್ನು ನೀಡದೇ ಸಚಿವರ ಕೊಠಡಿಗಳಿಗೆ ಹೋಗಿ ಮಾತನಾಡಿ ಅಂತ ಹಾರಿಕೆ ಉತ್ತರ ನೀಡುವುದು, ಸಚಿವರ ಕೊಠಡಿಗೆ ಹೋಗುವುದಾದರೆ ಸದನದ ಕಲಾಪಗಳು ನಡೆಸುವುದೇಕೆ.

ಈ ರೀತಿ ಅನೇಕ ಭಾರಿ ನೂತನ ಶಾಸಕರುಗಳಿಗೆ ಅಗೌರವ ಉಂಟುಮಾಡಿದಾಗ ಮಾಧ್ಯಮ, ಸಾಮಾಜಿಕ ಜಾಲತಾಣಗಳಲ್ಲಿ ಹಾಗೂ ಕ್ಷೇತ್ರಗಳಲ್ಲಿ ಸದಸ್ಯರಿಗೆ ವಿವಿಧ ರೀತಿ ಮುಜುಗರ ಉಂಟಾಗಿರುತ್ತದೆ.

ಈ ಸಂತಾಪ ಸೂಚನೆಯಲ್ಲಿ ಕಲಬುರಗಿಯ ಶರಣಬಸಪ್ಪ ಅಪ್ಪನವರಿಗೆ ಅಪಮಾನ ಉಂಟು ಮಾಡಿರುವುದು ಇದು ಖಂಡನೀಯ ಮತ್ತು ಸದನದಲ್ಲಿ ಶಾಸಕರುಗಳಿಗೆ ಅಪಮಾನ, ಅಸಮಾಧಾನ ಮಾಡುವುದು ತಮ್ಮ ಧೋರಣೆಯನ್ನು ಬದಲಾವಣೆ ಮಾಡಿಕೊಳ್ಳಬೇಕೆಂದು ಅನೇಕ ನೂತನ ಶಾಸಕರುಗಳ ಅಭಿಪ್ರಾಯವಾಗಿದೆ.
